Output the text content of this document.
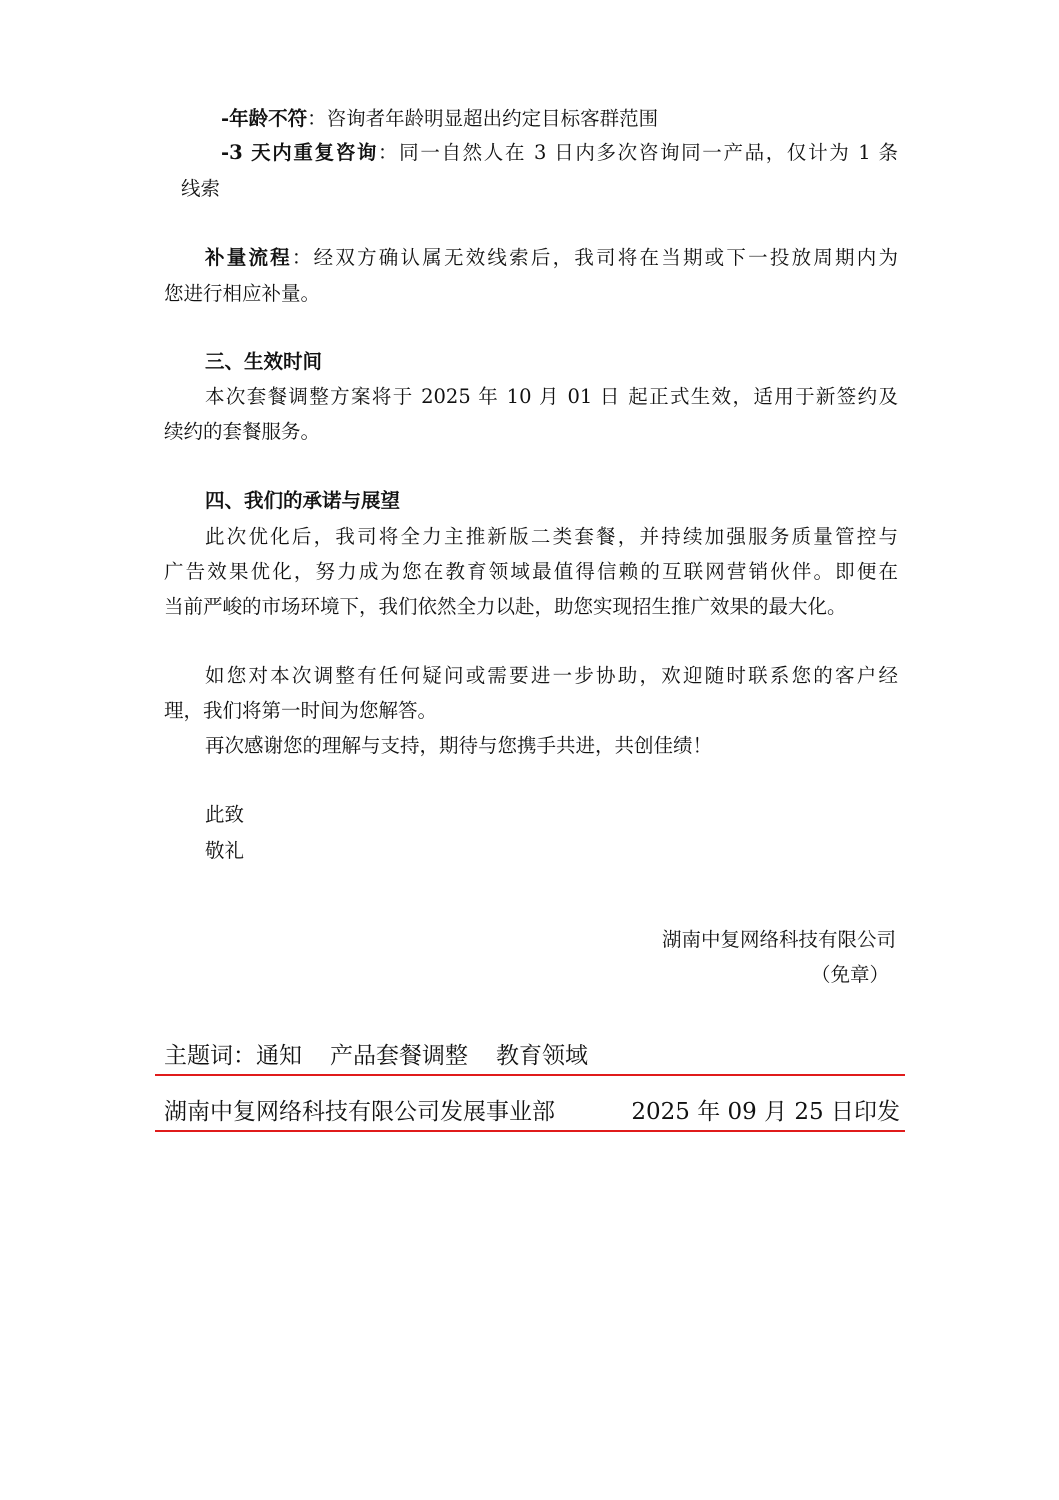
-年龄不符：咨询者年龄明显超出约定目标客群范围
-3 天内重复咨询：同一自然人在 3 日内多次咨询同一产品，仅计为 1 条
线索
补量流程：经双方确认属无效线索后，我司将在当期或下一投放周期内为
您进行相应补量。
三、生效时间
本次套餐调整方案将于 2025 年 10 月 01 日 起正式生效，适用于新签约及
续约的套餐服务。
四、我们的承诺与展望
此次优化后，我司将全力主推新版二类套餐，并持续加强服务质量管控与
广告效果优化，努力成为您在教育领域最值得信赖的互联网营销伙伴。即便在
当前严峻的市场环境下，我们依然全力以赴，助您实现招生推广效果的最大化。
如您对本次调整有任何疑问或需要进一步协助，欢迎随时联系您的客户经
理，我们将第一时间为您解答。
再次感谢您的理解与支持，期待与您携手共进，共创佳绩！
此致
敬礼
湖南中复网络科技有限公司
（免章）
主题词：通知 产品套餐调整 教育领域
湖南中复网络科技有限公司发展事业部	2025 年 09 月 25 日印发
